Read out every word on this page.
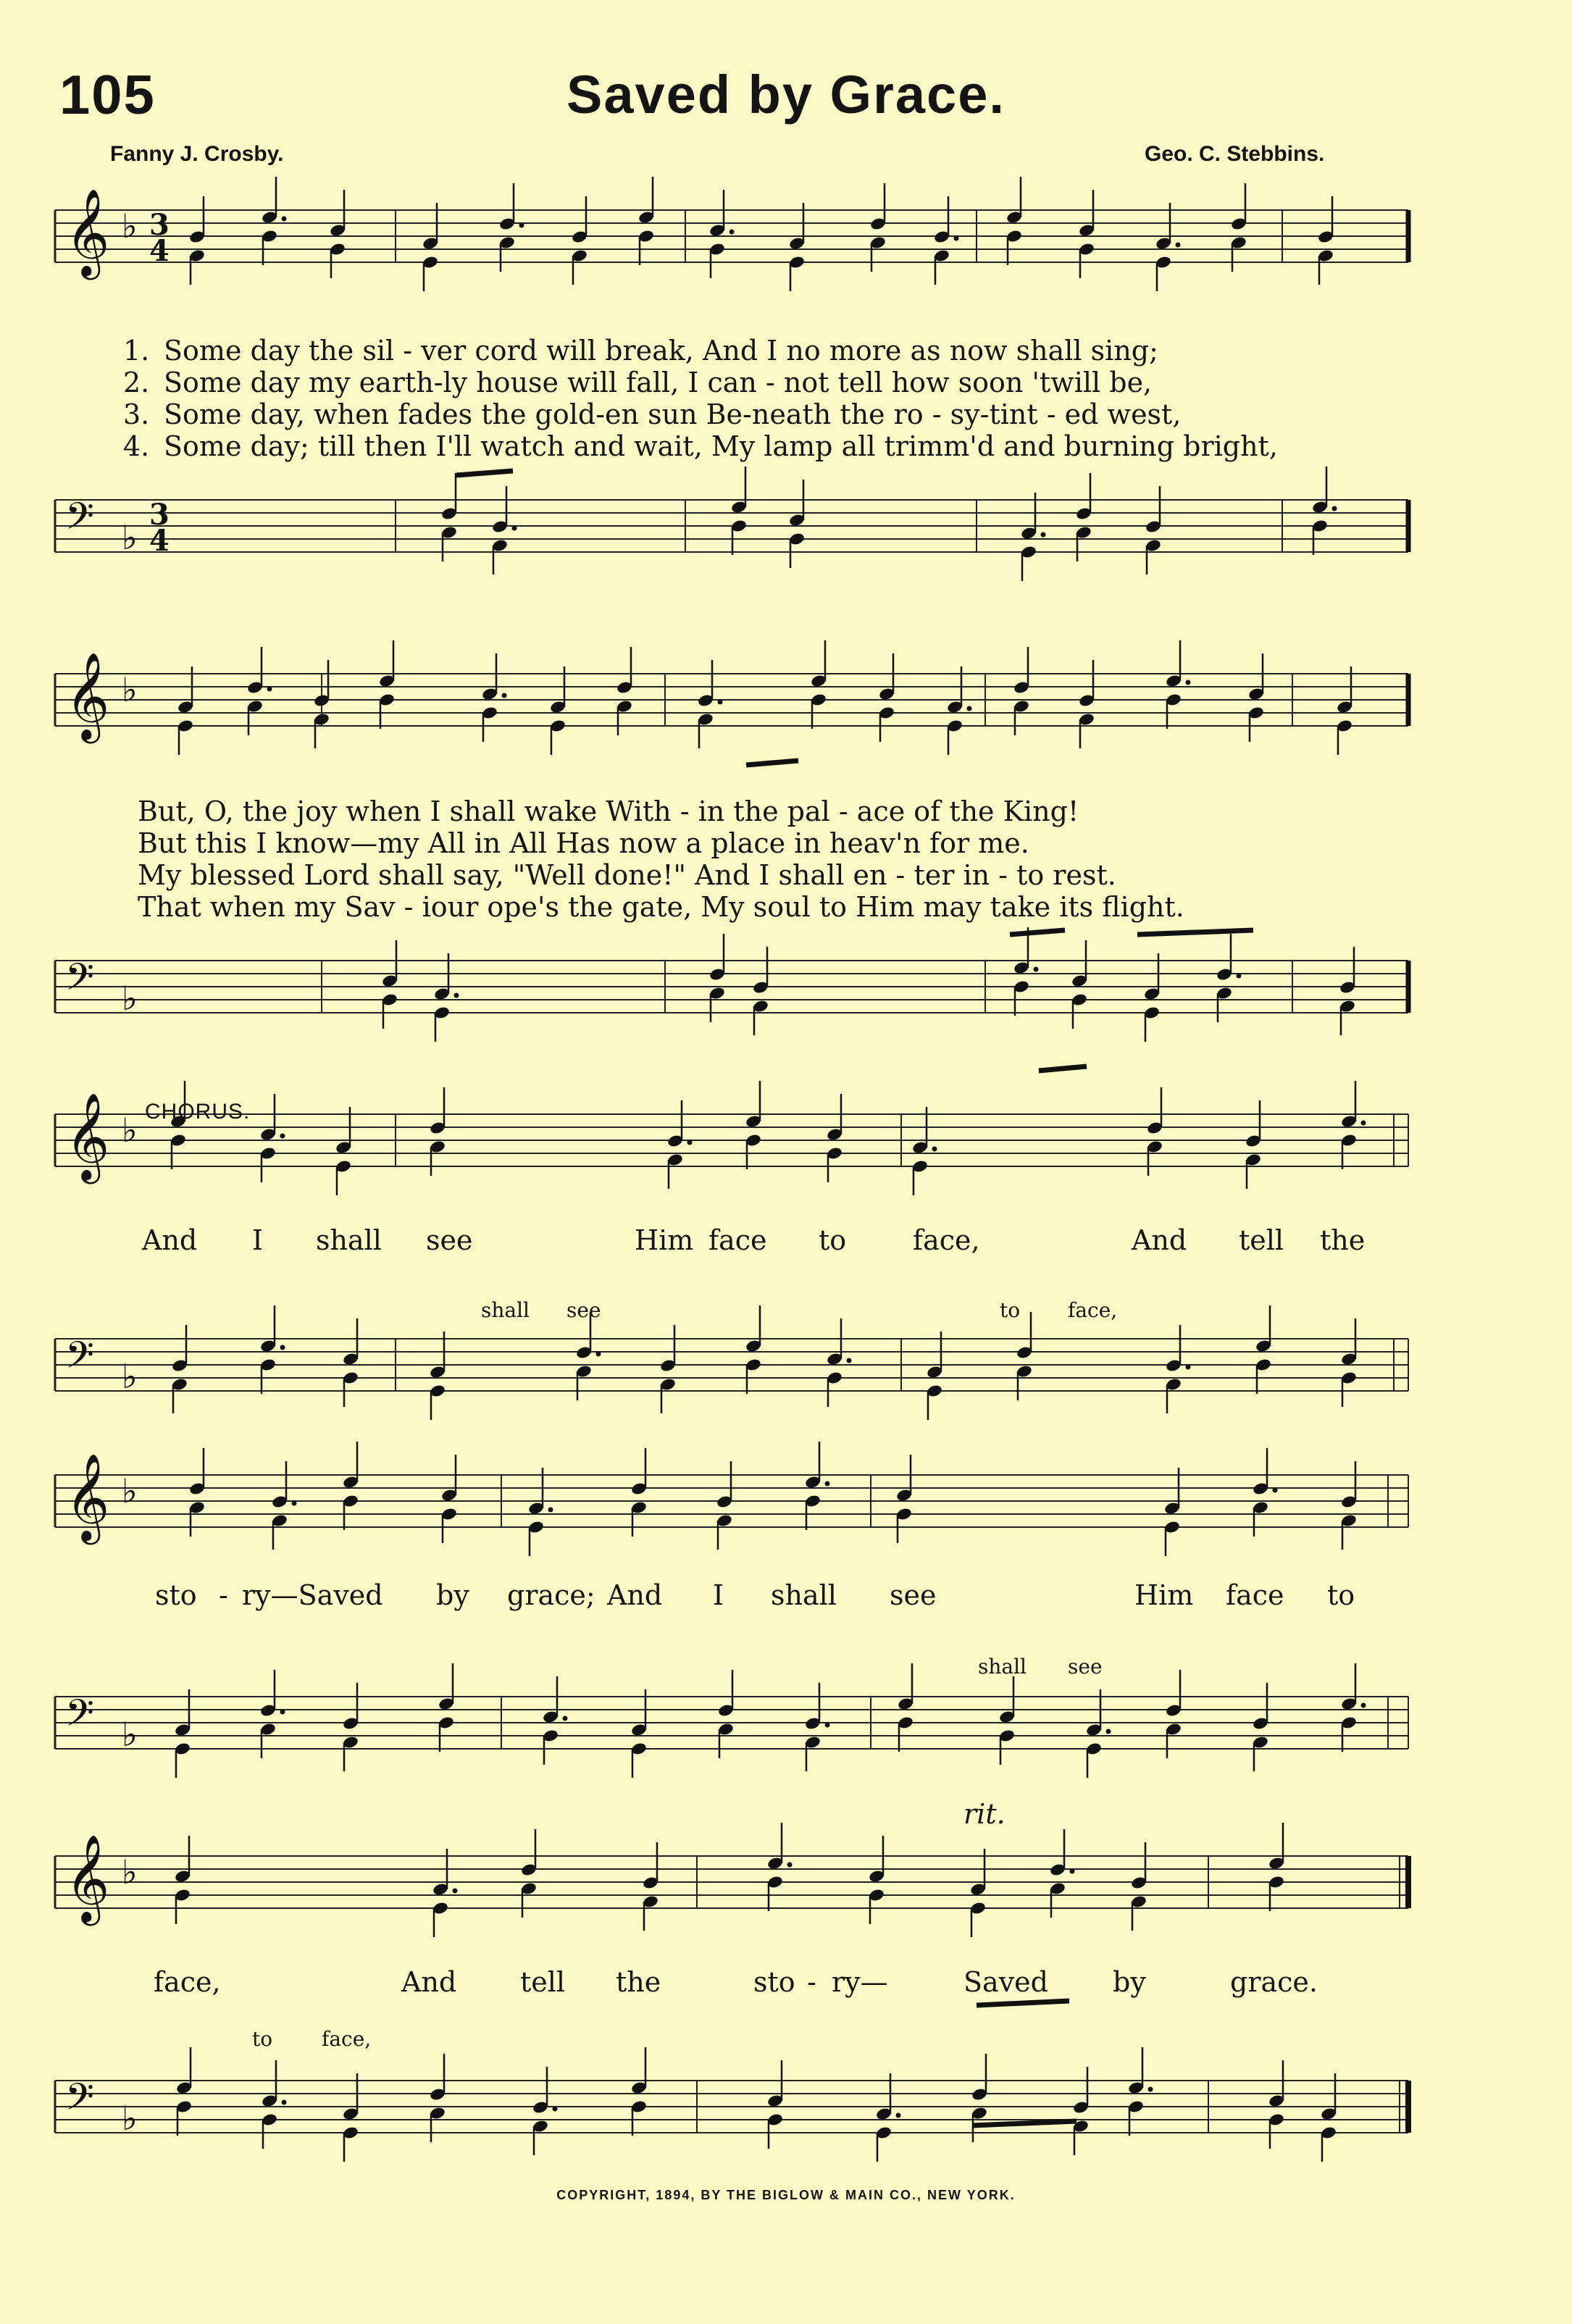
𝄞 ♭ 3
4
𝄢 ♭
3
4
𝄞 ♭
𝄢 ♭
𝄞 ♭
𝄢 ♭
𝄞 ♭
𝄢 ♭
𝄞 ♭
𝄢 ♭
105	Saved by Grace.
Fanny J. Crosby.	Geo. C. Stebbins.
1. Some day the sil - ver cord will break, And I no more as now shall sing;
2. Some day my earth-ly house will fall, I can - not tell how soon 'twill be,
3. Some day, when fades the gold-en sun Be-neath the ro - sy-tint - ed west,
4. Some day; till then I'll watch and wait, My lamp all trimm'd and burning bright,
But, O, the joy when I shall wake With - in the pal - ace of the King!
But this I know—my All in All Has now a place in heav'n for me.
My blessed Lord shall say, "Well done!" And I shall en - ter in - to rest.
That when my Sav - iour ope's the gate, My soul to Him may take its flight.
CHORUS.
rit.
And I shall see	Him face to face,	And tell the
sto - ry—Saved by grace; And I shall see	Him face to
face,	And tell the	sto - ry—	Saved by	grace.
shall see	to face,
shall see
to face,
COPYRIGHT, 1894, BY THE BIGLOW & MAIN CO., NEW YORK.
